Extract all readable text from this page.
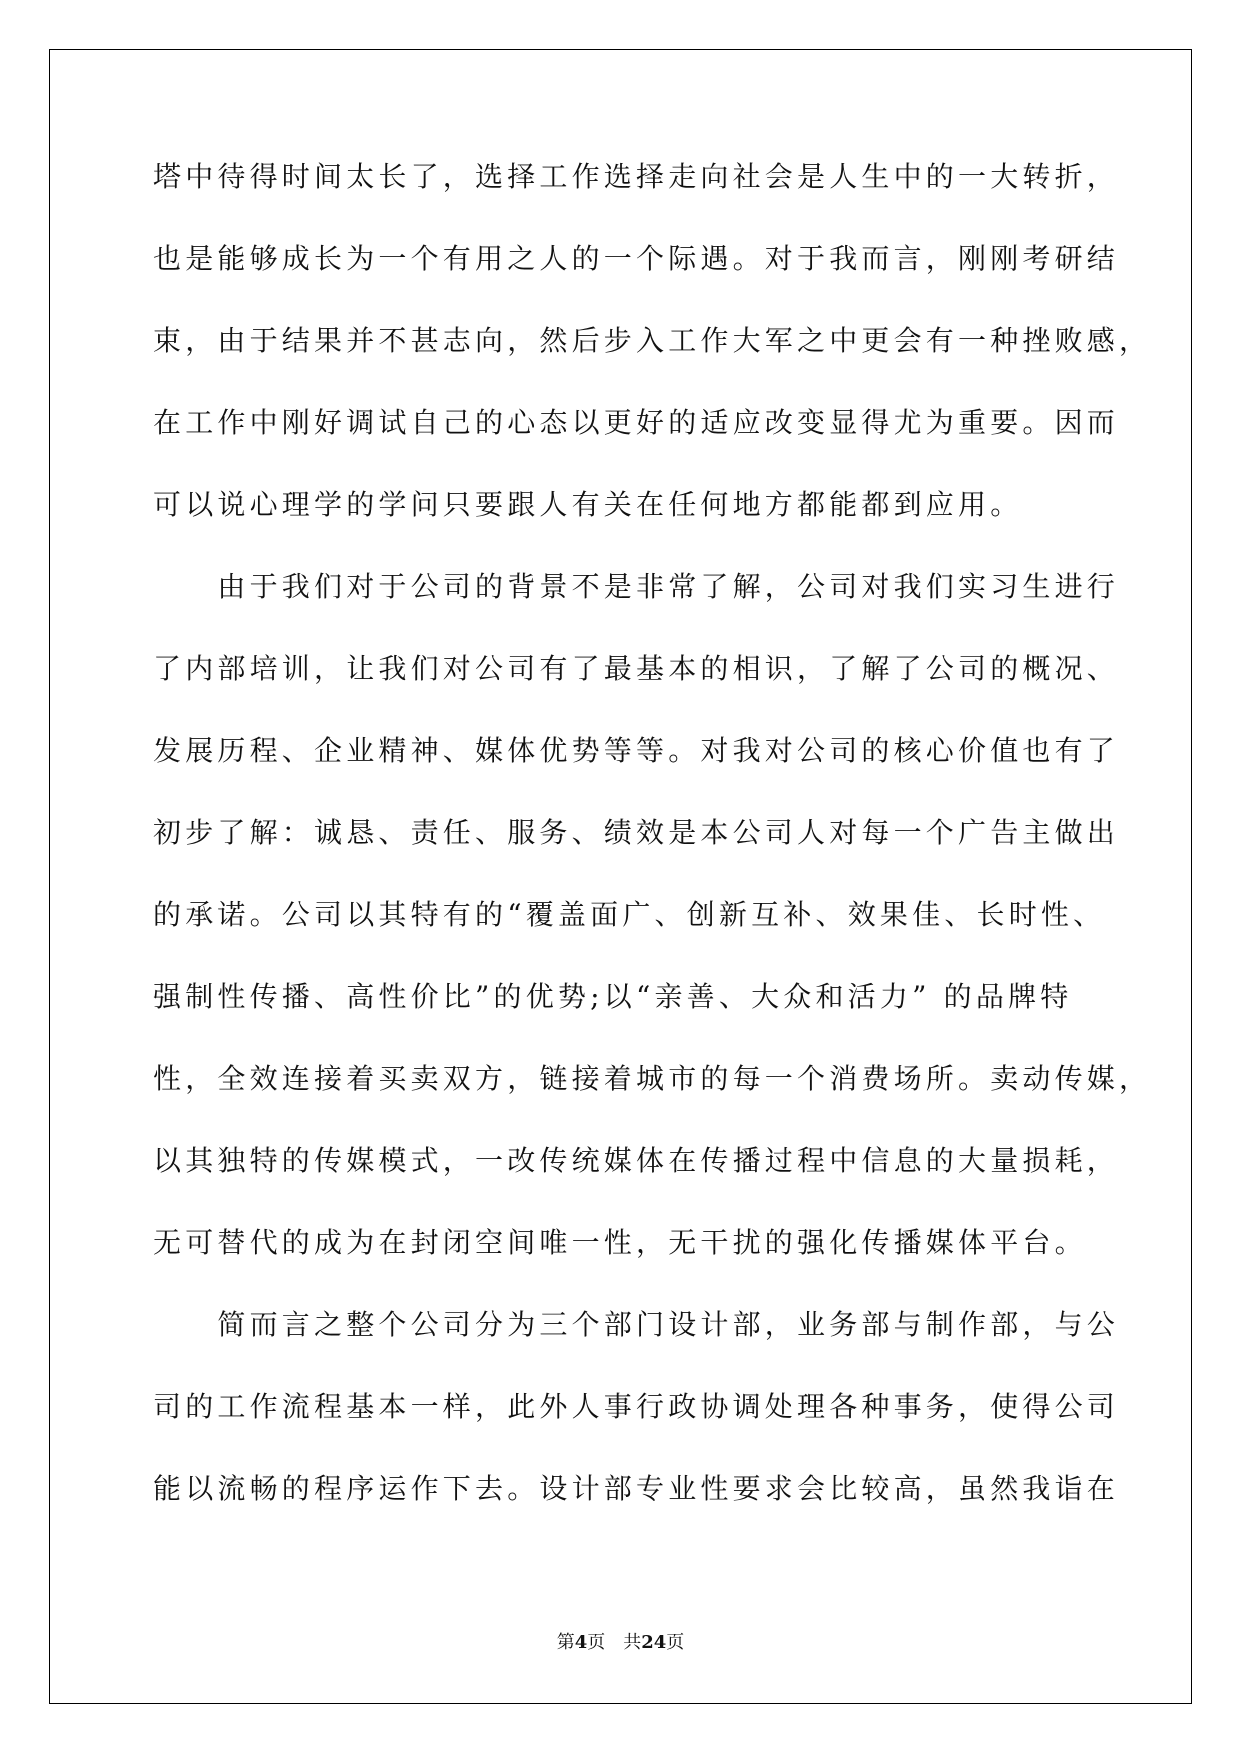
塔中待得时间太长了，选择工作选择走向社会是人生中的一大转折，
也是能够成长为一个有用之人的一个际遇。对于我而言，刚刚考研结
束，由于结果并不甚志向，然后步入工作大军之中更会有一种挫败感，
在工作中刚好调试自己的心态以更好的适应改变显得尤为重要。因而
可以说心理学的学问只要跟人有关在任何地方都能都到应用。
　　由于我们对于公司的背景不是非常了解，公司对我们实习生进行
了内部培训，让我们对公司有了最基本的相识，了解了公司的概况、
发展历程、企业精神、媒体优势等等。对我对公司的核心价值也有了
初步了解：诚恳、责任、服务、绩效是本公司人对每一个广告主做出
的承诺。公司以其特有的“覆盖面广、创新互补、效果佳、长时性、
强制性传播、高性价比”的优势;以“亲善、大众和活力” 的品牌特
性，全效连接着买卖双方，链接着城市的每一个消费场所。卖动传媒，
以其独特的传媒模式，一改传统媒体在传播过程中信息的大量损耗，
无可替代的成为在封闭空间唯一性，无干扰的强化传播媒体平台。
　　简而言之整个公司分为三个部门设计部，业务部与制作部，与公
司的工作流程基本一样，此外人事行政协调处理各种事务，使得公司
能以流畅的程序运作下去。设计部专业性要求会比较高，虽然我诣在
第4页　共24页
